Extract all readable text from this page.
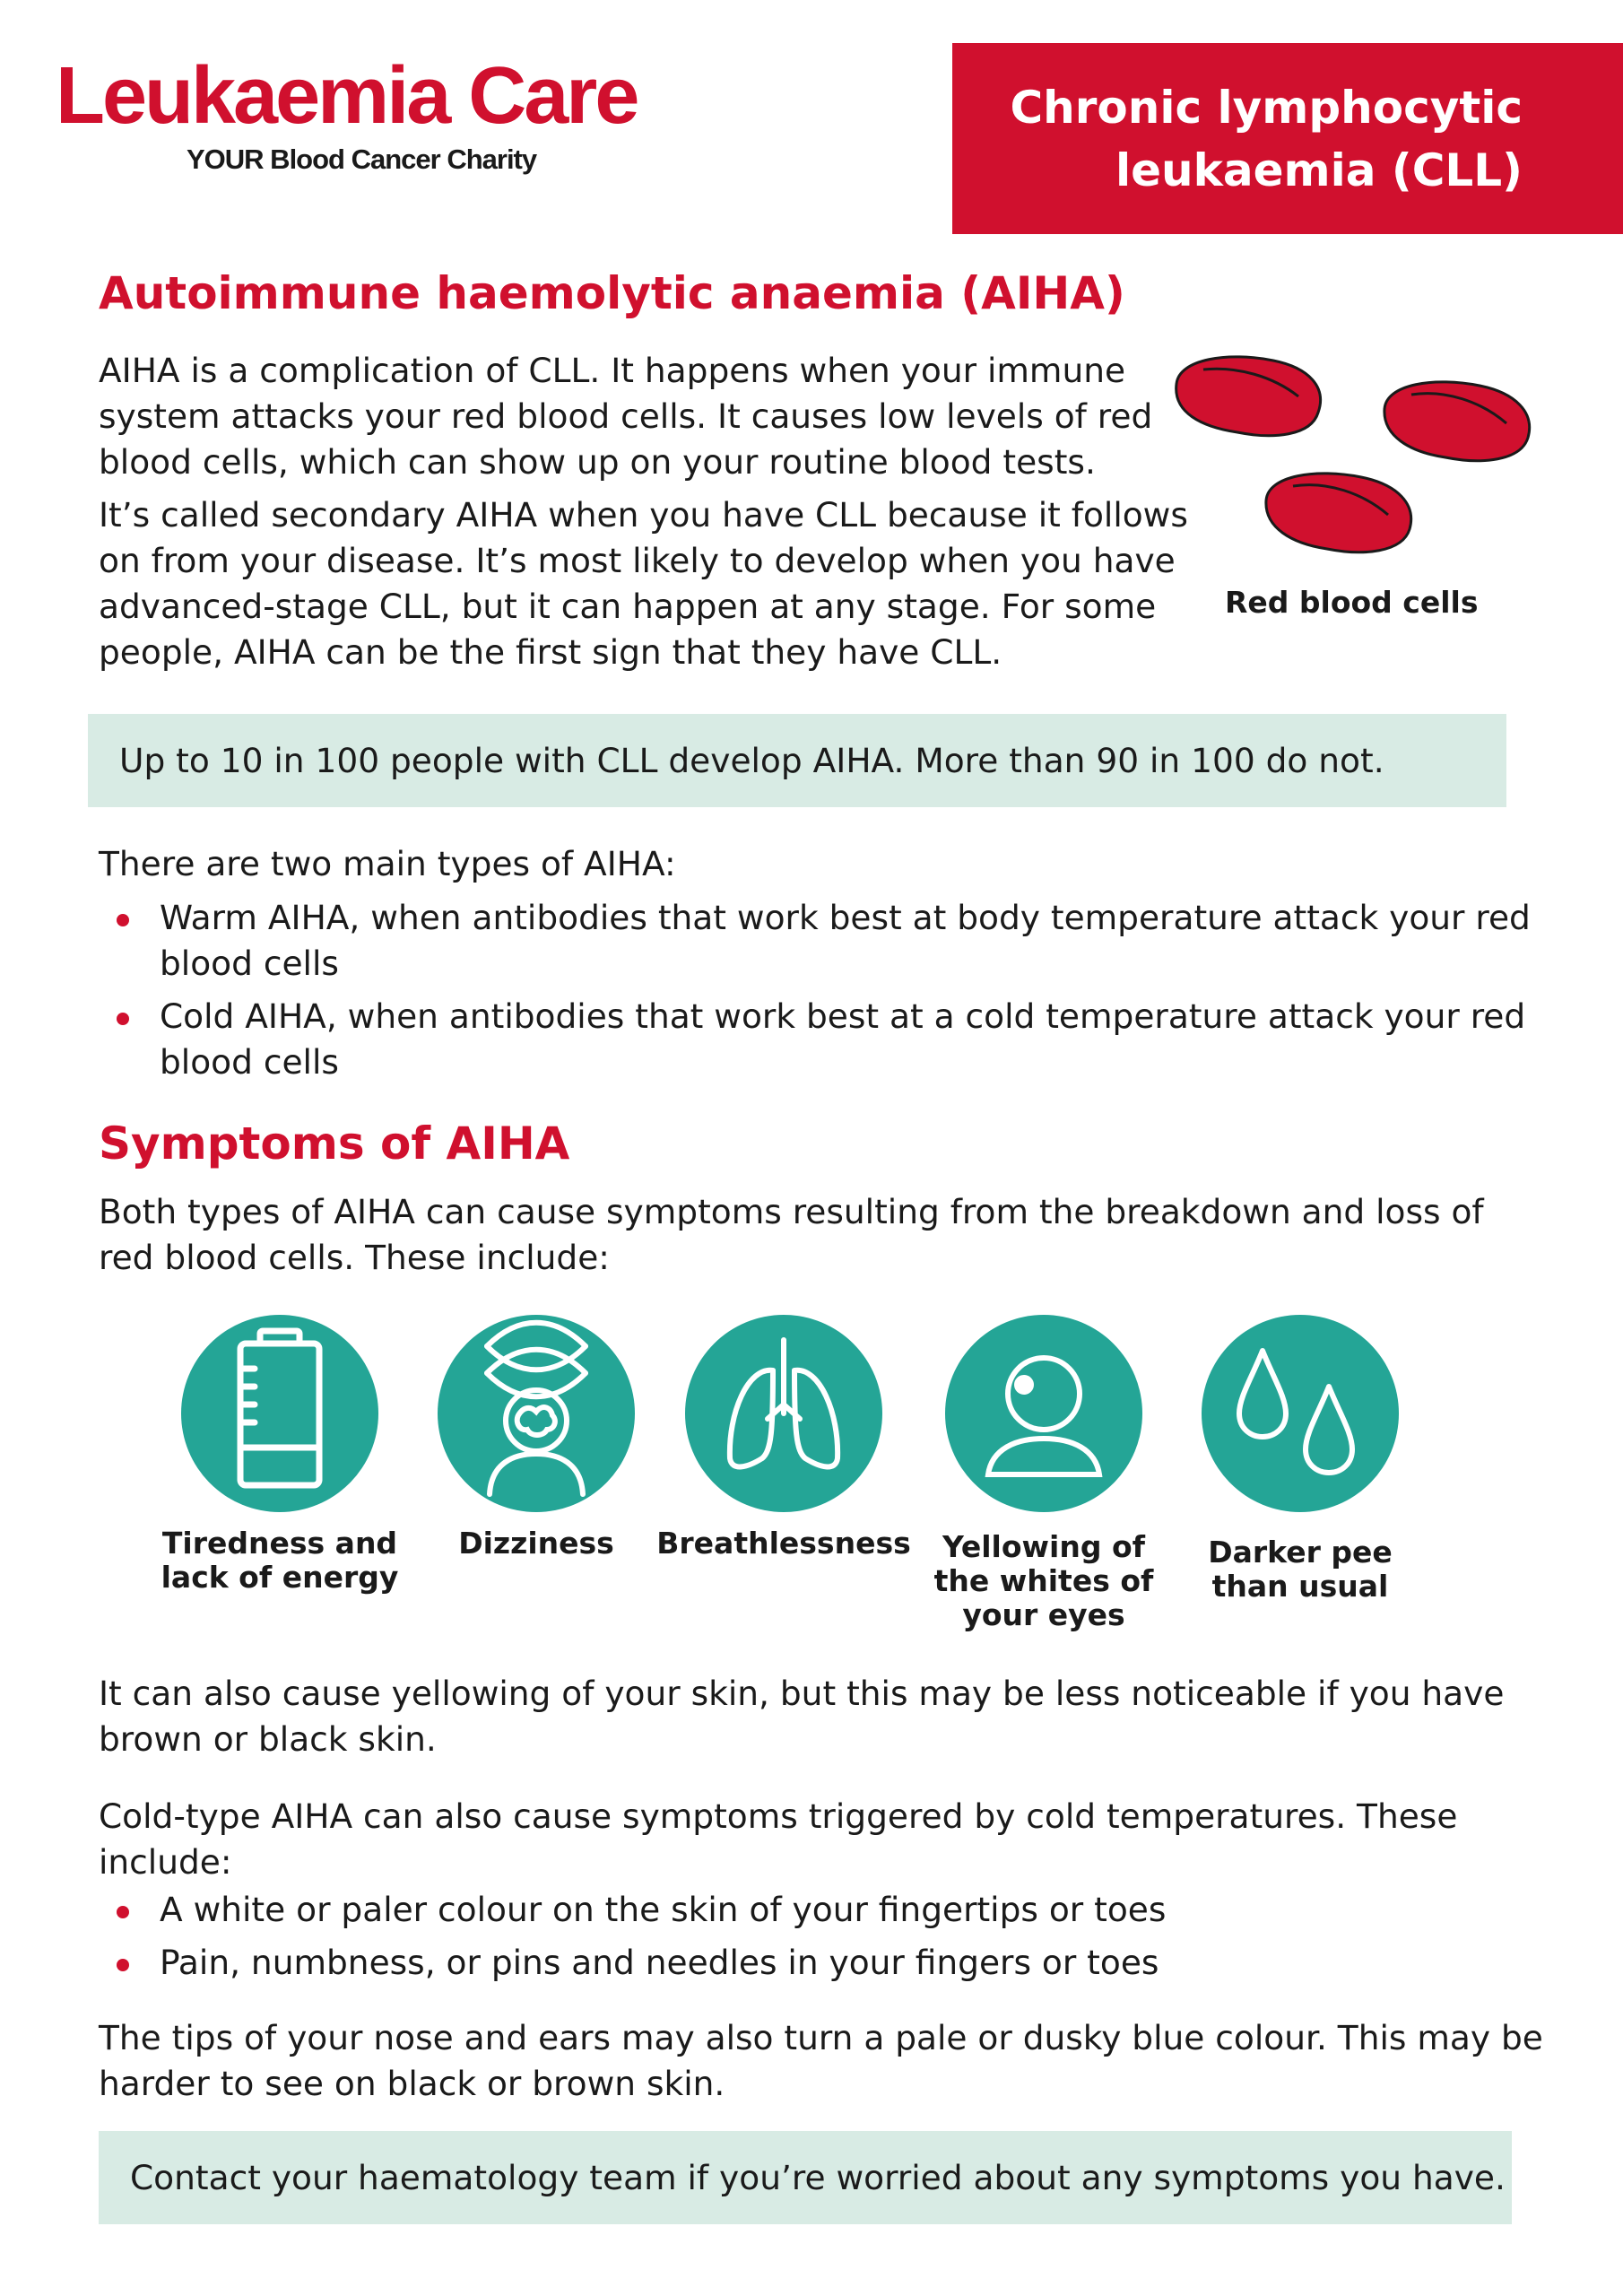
Leukaemia Care
YOUR Blood Cancer Charity
Chronic lymphocytic
leukaemia (CLL)
Autoimmune haemolytic anaemia (AIHA)
AIHA is a complication of CLL. It happens when your immune
system attacks your red blood cells. It causes low levels of red
blood cells, which can show up on your routine blood tests.
It’s called secondary AIHA when you have CLL because it follows
on from your disease. It’s most likely to develop when you have
advanced-stage CLL, but it can happen at any stage. For some
people, AIHA can be the first sign that they have CLL.
Red blood cells
Up to 10 in 100 people with CLL develop AIHA. More than 90 in 100 do not.
There are two main types of AIHA:
Warm AIHA, when antibodies that work best at body temperature attack your red
blood cells
Cold AIHA, when antibodies that work best at a cold temperature attack your red
blood cells
Symptoms of AIHA
Both types of AIHA can cause symptoms resulting from the breakdown and loss of
red blood cells. These include:
Tiredness and
lack of energy
Dizziness	Breathlessness	Yellowing of
the whites of
your eyes
Darker pee
than usual
It can also cause yellowing of your skin, but this may be less noticeable if you have
brown or black skin.
Cold-type AIHA can also cause symptoms triggered by cold temperatures. These
include:
A white or paler colour on the skin of your fingertips or toes
Pain, numbness, or pins and needles in your fingers or toes
The tips of your nose and ears may also turn a pale or dusky blue colour. This may be
harder to see on black or brown skin.
Contact your haematology team if you’re worried about any symptoms you have.
